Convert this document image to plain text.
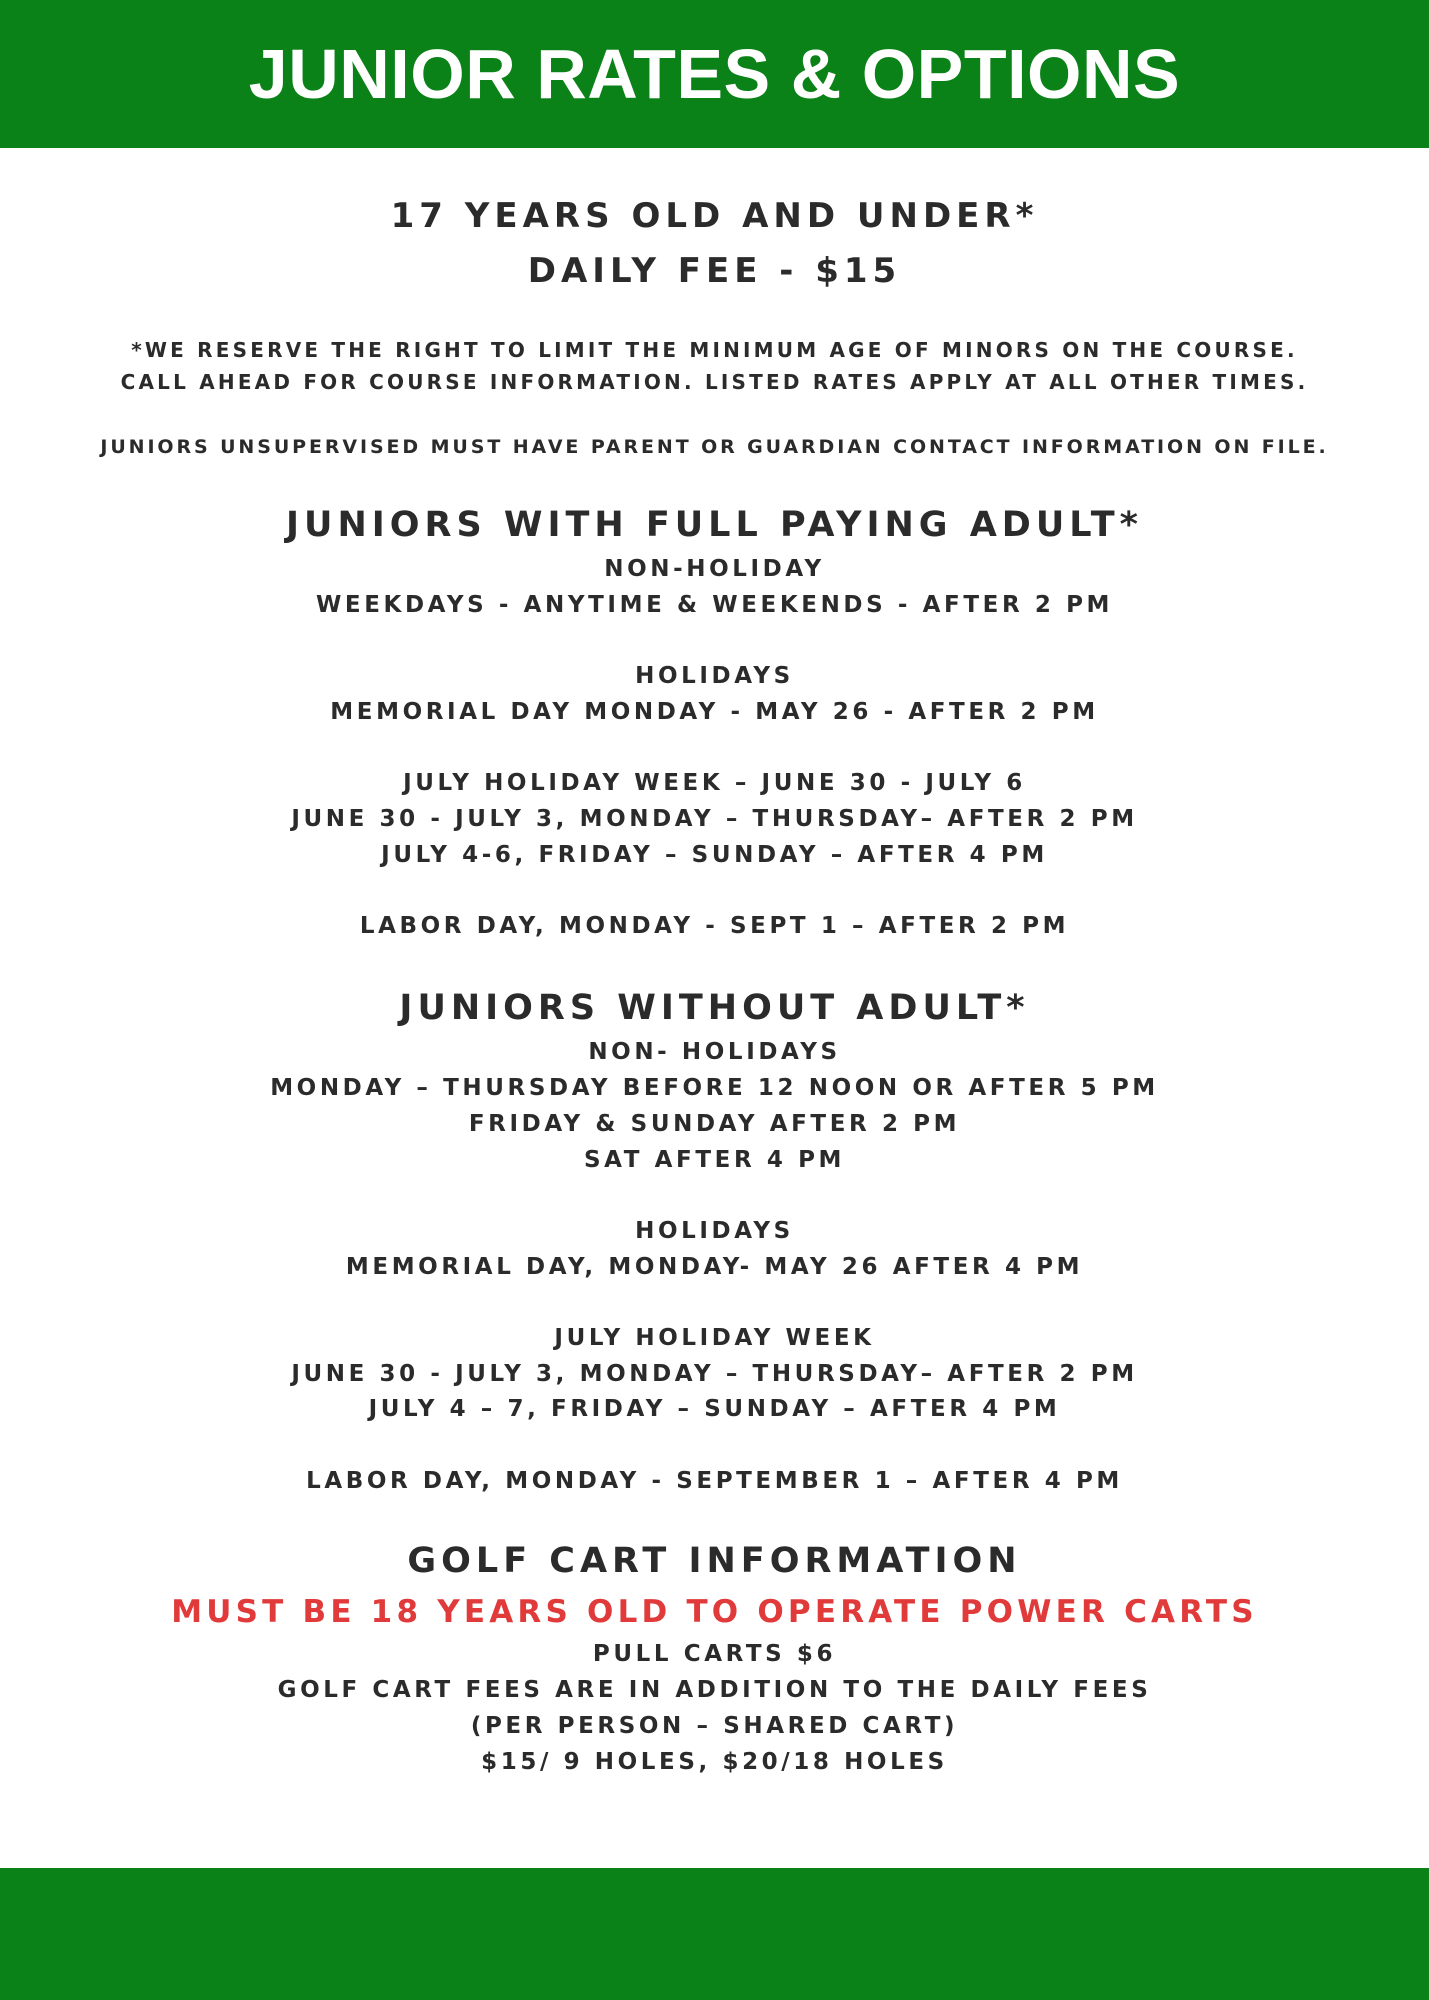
JUNIOR RATES & OPTIONS
17 YEARS OLD AND UNDER*
DAILY FEE - $15
*WE RESERVE THE RIGHT TO LIMIT THE MINIMUM AGE OF MINORS ON THE COURSE.
CALL AHEAD FOR COURSE INFORMATION. LISTED RATES APPLY AT ALL OTHER TIMES.
JUNIORS UNSUPERVISED MUST HAVE PARENT OR GUARDIAN CONTACT INFORMATION ON FILE.
JUNIORS WITH FULL PAYING ADULT*
NON-HOLIDAY
WEEKDAYS - ANYTIME & WEEKENDS - AFTER 2 PM
HOLIDAYS
MEMORIAL DAY MONDAY - MAY 26 - AFTER 2 PM
JULY HOLIDAY WEEK – JUNE 30 - JULY 6
JUNE 30 - JULY 3, MONDAY – THURSDAY– AFTER 2 PM
JULY 4-6, FRIDAY – SUNDAY – AFTER 4 PM
LABOR DAY, MONDAY - SEPT 1 – AFTER 2 PM
JUNIORS WITHOUT ADULT*
NON- HOLIDAYS
MONDAY – THURSDAY BEFORE 12 NOON OR AFTER 5 PM
FRIDAY & SUNDAY AFTER 2 PM
SAT AFTER 4 PM
HOLIDAYS
MEMORIAL DAY, MONDAY- MAY 26 AFTER 4 PM
JULY HOLIDAY WEEK
JUNE 30 - JULY 3, MONDAY – THURSDAY– AFTER 2 PM
JULY 4 – 7, FRIDAY – SUNDAY – AFTER 4 PM
LABOR DAY, MONDAY - SEPTEMBER 1 – AFTER 4 PM
GOLF CART INFORMATION
MUST BE 18 YEARS OLD TO OPERATE POWER CARTS
PULL CARTS $6
GOLF CART FEES ARE IN ADDITION TO THE DAILY FEES
(PER PERSON – SHARED CART)
$15/ 9 HOLES, $20/18 HOLES
